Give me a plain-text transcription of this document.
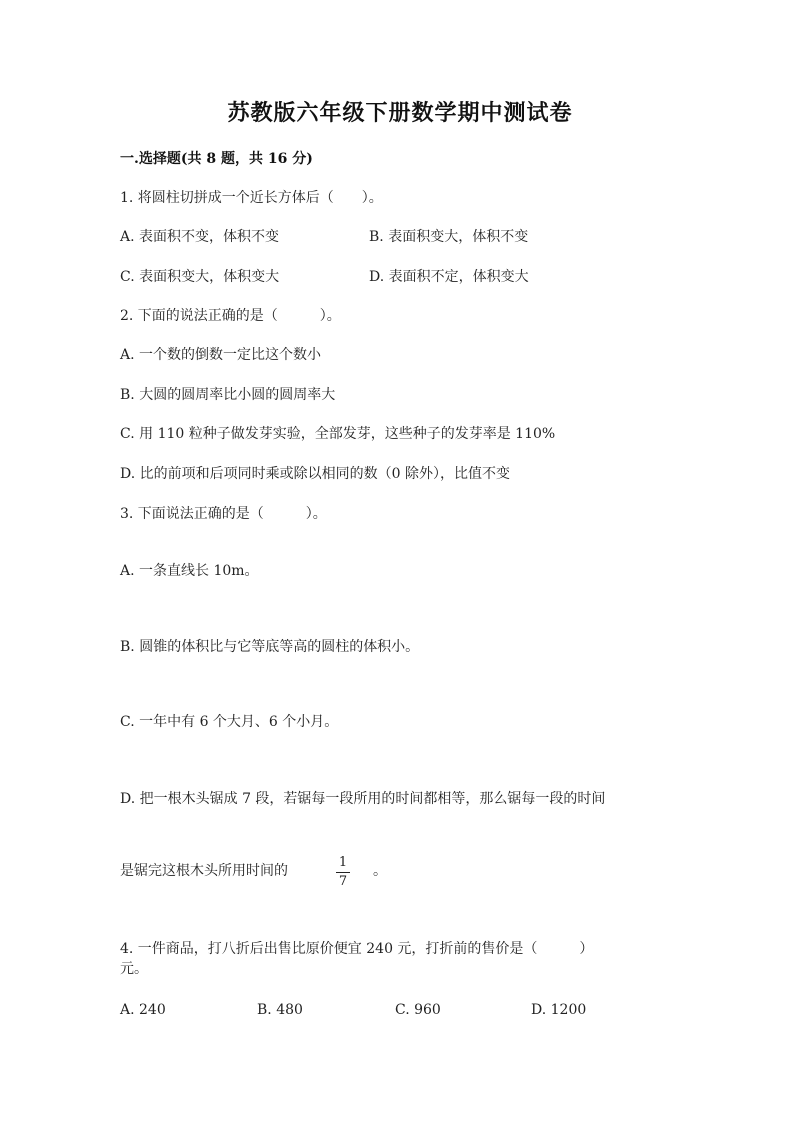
苏教版六年级下册数学期中测试卷
一.选择题(共 8 题，共 16 分)
1. 将圆柱切拼成一个近长方体后（　　）。
A. 表面积不变，体积不变	B. 表面积变大，体积不变
C. 表面积变大，体积变大	D. 表面积不定，体积变大
2. 下面的说法正确的是（　　　）。
A. 一个数的倒数一定比这个数小
B. 大圆的圆周率比小圆的圆周率大
C. 用 110 粒种子做发芽实验，全部发芽，这些种子的发芽率是 110%
D. 比的前项和后项同时乘或除以相同的数（0 除外），比值不变
3. 下面说法正确的是（　　　）。
A. 一条直线长 10m。
B. 圆锥的体积比与它等底等高的圆柱的体积小。
C. 一年中有 6 个大月、6 个小月。
D. 把一根木头锯成 7 段，若锯每一段所用的时间都相等，那么锯每一段的时间
是锯完这根木头所用时间的
1
7
。
4. 一件商品，打八折后出售比原价便宜 240 元，打折前的售价是（　　　）
元。
A. 240	B. 480	C. 960	D. 1200
